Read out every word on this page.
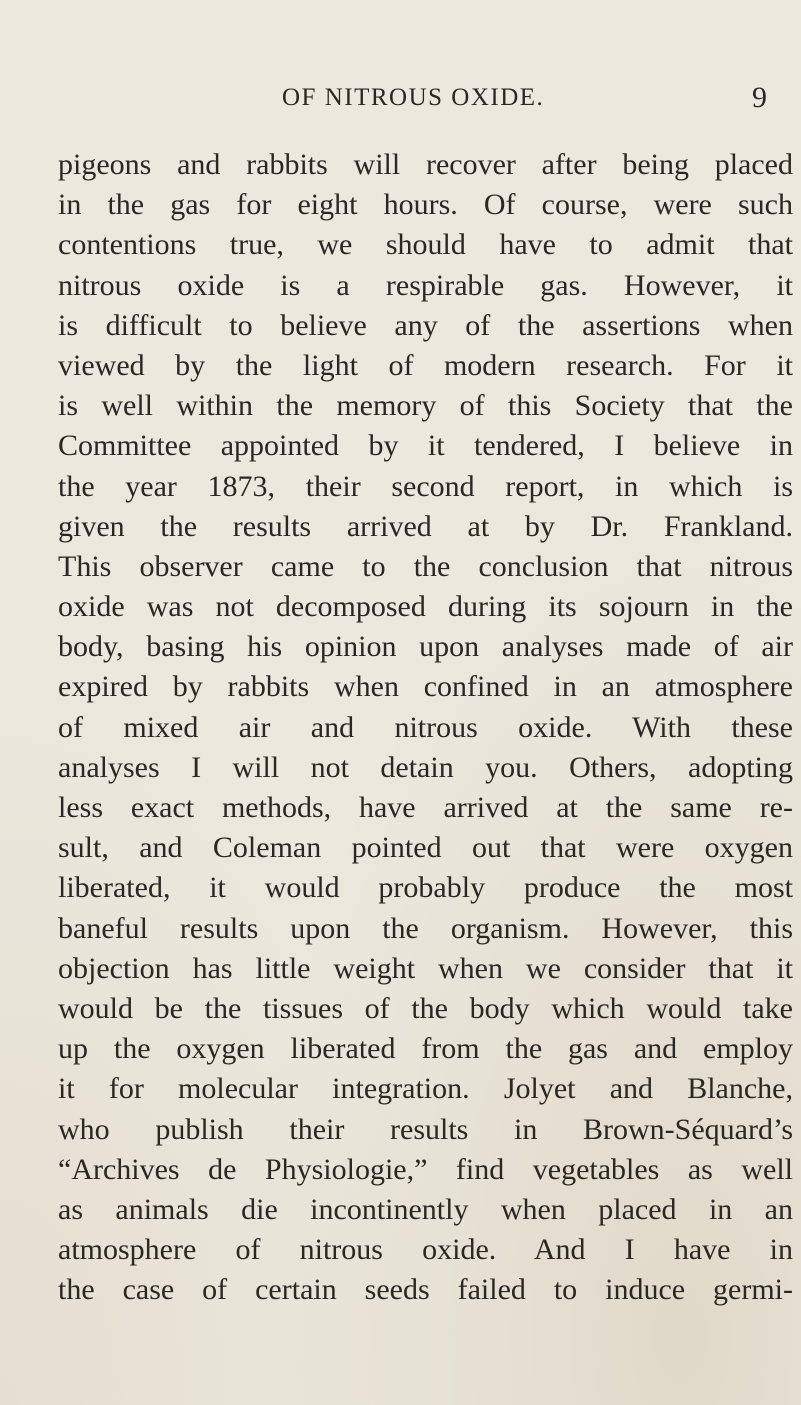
OF NITROUS OXIDE.	9
pigeons and rabbits will recover after being placed
in the gas for eight hours. Of course, were such
contentions true, we should have to admit that
nitrous oxide is a respirable gas. However, it
is difficult to believe any of the assertions when
viewed by the light of modern research. For it
is well within the memory of this Society that the
Committee appointed by it tendered, I believe in
the year 1873, their second report, in which is
given the results arrived at by Dr. Frankland.
This observer came to the conclusion that nitrous
oxide was not decomposed during its sojourn in the
body, basing his opinion upon analyses made of air
expired by rabbits when confined in an atmosphere
of mixed air and nitrous oxide. With these
analyses I will not detain you. Others, adopting
less exact methods, have arrived at the same re-
sult, and Coleman pointed out that were oxygen
liberated, it would probably produce the most
baneful results upon the organism. However, this
objection has little weight when we consider that it
would be the tissues of the body which would take
up the oxygen liberated from the gas and employ
it for molecular integration. Jolyet and Blanche,
who publish their results in Brown-Séquard’s
“Archives de Physiologie,” find vegetables as well
as animals die incontinently when placed in an
atmosphere of nitrous oxide. And I have in
the case of certain seeds failed to induce germi-
